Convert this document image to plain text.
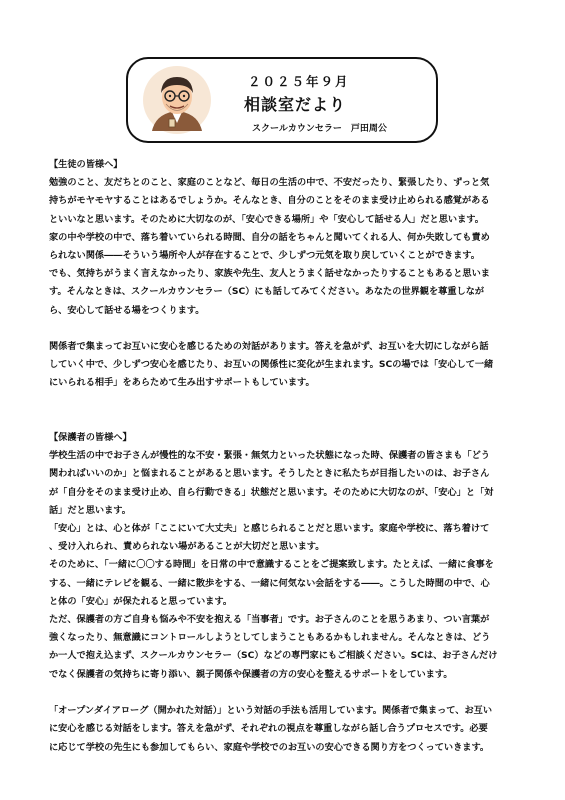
２０２５年９月
相談室だより
スクールカウンセラー　戸田周公

【生徒の皆様へ】

勉強のこと、友だちとのこと、家庭のことなど、毎日の生活の中で、不安だったり、緊張したり、ずっと気

持ちがモヤモヤすることはあるでしょうか。そんなとき、自分のことをそのまま受け止められる感覚がある

といいなと思います。そのために大切なのが、「安心できる場所」や「安心して話せる人」だと思います。

家の中や学校の中で、落ち着いていられる時間、自分の話をちゃんと聞いてくれる人、何か失敗しても責め

られない関係――そういう場所や人が存在することで、少しずつ元気を取り戻していくことができます。

でも、気持ちがうまく言えなかったり、家族や先生、友人とうまく話せなかったりすることもあると思いま

す。そんなときは、スクールカウンセラー（SC）にも話してみてください。あなたの世界観を尊重しなが

ら、安心して話せる場をつくります。

関係者で集まってお互いに安心を感じるための対話があります。答えを急がず、お互いを大切にしながら話

していく中で、少しずつ安心を感じたり、お互いの関係性に変化が生まれます。SCの場では「安心して一緒

にいられる相手」をあらためて生み出すサポートもしています。

【保護者の皆様へ】

学校生活の中でお子さんが慢性的な不安・緊張・無気力といった状態になった時、保護者の皆さまも「どう

関わればいいのか」と悩まれることがあると思います。そうしたときに私たちが目指したいのは、お子さん

が「自分をそのまま受け止め、自ら行動できる」状態だと思います。そのために大切なのが、「安心」と「対

話」だと思います。

「安心」とは、心と体が「ここにいて大丈夫」と感じられることだと思います。家庭や学校に、落ち着けて

、受け入れられ、責められない場があることが大切だと思います。

そのために、「一緒に〇〇する時間」を日常の中で意識することをご提案致します。たとえば、一緒に食事を

する、一緒にテレビを観る、一緒に散歩をする、一緒に何気ない会話をする――。こうした時間の中で、心

と体の「安心」が保たれると思っています。

ただ、保護者の方ご自身も悩みや不安を抱える「当事者」です。お子さんのことを思うあまり、つい言葉が

強くなったり、無意識にコントロールしようとしてしまうこともあるかもしれません。そんなときは、どう

か一人で抱え込まず、スクールカウンセラー（SC）などの専門家にもご相談ください。SCは、お子さんだけ

でなく保護者の気持ちに寄り添い、親子関係や保護者の方の安心を整えるサポートをしています。

「オープンダイアローグ（開かれた対話）」という対話の手法も活用しています。関係者で集まって、お互い

に安心を感じる対話をします。答えを急がず、それぞれの視点を尊重しながら話し合うプロセスです。必要

に応じて学校の先生にも参加してもらい、家庭や学校でのお互いの安心できる関り方をつくっていきます。
